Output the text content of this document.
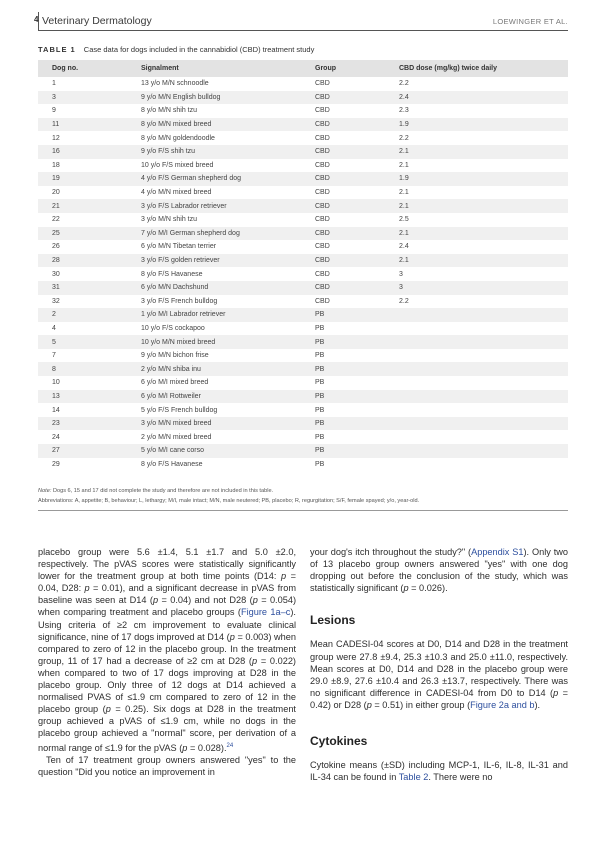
4 Veterinary Dermatology	LOEWINGER ET AL.
TABLE 1 Case data for dogs included in the cannabidiol (CBD) treatment study
Dog no.	Signalment	Group	CBD dose (mg/kg) twice daily
1	13 y/o M/N schnoodle	CBD	2.2
3	9 y/o M/N English bulldog	CBD	2.4
9	8 y/o M/N shih tzu	CBD	2.3
11	8 y/o M/N mixed breed	CBD	1.9
12	8 y/o M/N goldendoodle	CBD	2.2
16	9 y/o F/S shih tzu	CBD	2.1
18	10 y/o F/S mixed breed	CBD	2.1
19	4 y/o F/S German shepherd dog	CBD	1.9
20	4 y/o M/N mixed breed	CBD	2.1
21	3 y/o F/S Labrador retriever	CBD	2.1
22	3 y/o M/N shih tzu	CBD	2.5
25	7 y/o M/I German shepherd dog	CBD	2.1
26	6 y/o M/N Tibetan terrier	CBD	2.4
28	3 y/o F/S golden retriever	CBD	2.1
30	8 y/o F/S Havanese	CBD	3
31	6 y/o M/N Dachshund	CBD	3
32	3 y/o F/S French bulldog	CBD	2.2
2	1 y/o M/I Labrador retriever	PB	
4	10 y/o F/S cockapoo	PB	
5	10 y/o M/N mixed breed	PB	
7	9 y/o M/N bichon frise	PB	
8	2 y/o M/N shiba inu	PB	
10	6 y/o M/I mixed breed	PB	
13	6 y/o M/I Rottweiler	PB	
14	5 y/o F/S French bulldog	PB	
23	3 y/o M/N mixed breed	PB	
24	2 y/o M/N mixed breed	PB	
27	5 y/o M/I cane corso	PB	
29	8 y/o F/S Havanese	PB	
Note: Dogs 6, 15 and 17 did not complete the study and therefore are not included in this table.
Abbreviations: A, appetite; B, behaviour; L, lethargy; M/I, male intact; M/N, male neutered; PB, placebo; R, regurgitation; S/F, female spayed; y/o, year-old.

placebo group were 5.6 ±1.4, 5.1 ±1.7 and 5.0 ±2.0, respectively. The pVAS scores were statistically significantly lower for the treatment group at both time points (D14: p = 0.04, D28: p = 0.01), and a significant decrease in pVAS from baseline was seen at D14 (p = 0.04) and not D28 (p = 0.054) when comparing treatment and placebo groups (Figure 1a–c). Using criteria of ≥2 cm improvement to evaluate clinical significance, nine of 17 dogs improved at D14 (p = 0.003) when compared to zero of 12 in the placebo group. In the treatment group, 11 of 17 had a decrease of ≥2 cm at D28 (p = 0.022) when compared to two of 17 dogs improving at D28 in the placebo group. Only three of 12 dogs at D14 achieved a normalised PVAS of ≤1.9 cm compared to zero of 12 in the placebo group (p = 0.25). Six dogs at D28 in the treatment group achieved a pVAS of ≤1.9 cm, while no dogs in the placebo group achieved a "normal" score, per derivation of a normal range of ≤1.9 for the pVAS (p = 0.028).$^{24}$

Ten of 17 treatment group owners answered "yes" to the question "Did you notice an improvement in

your dog's itch throughout the study?" (Appendix S1). Only two of 13 placebo group owners answered "yes" with one dog dropping out before the conclusion of the study, which was statistically significant (p = 0.026).

Lesions

Mean CADESI-04 scores at D0, D14 and D28 in the treatment group were 27.8 ±9.4, 25.3 ±10.3 and 25.0 ±11.0, respectively. Mean scores at D0, D14 and D28 in the placebo group were 29.0 ±8.9, 27.6 ±10.4 and 26.3 ±13.7, respectively. There was no significant difference in CADESI-04 from D0 to D14 (p = 0.42) or D28 (p = 0.51) in either group (Figure 2a and b).

Cytokines

Cytokine means (±SD) including MCP-1, IL-6, IL-8, IL-31 and IL-34 can be found in Table 2. There were no
